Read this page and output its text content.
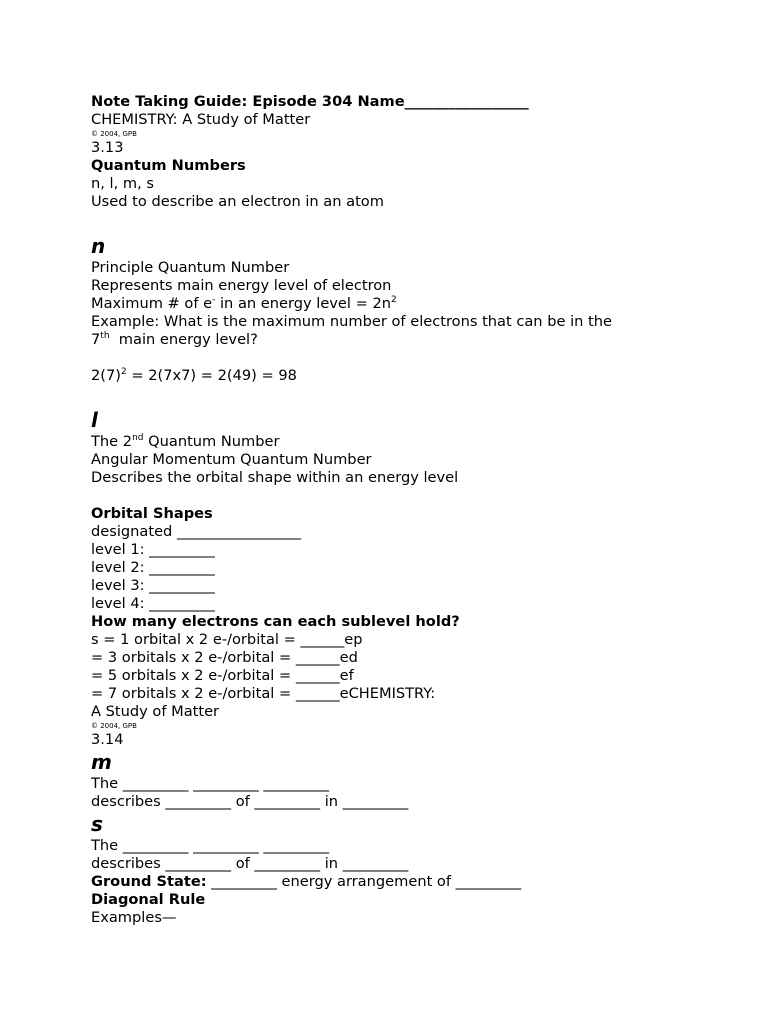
Note Taking Guide: Episode 304 Name_________________
CHEMISTRY: A Study of Matter
© 2004, GPB
3.13
Quantum Numbers
n, l, m, s
Used to describe an electron in an atom
n
Principle Quantum Number
Represents main energy level of electron
Maximum # of e- in an energy level = $2n^2$
Example: What is the maximum number of electrons that can be in the
7th  main energy level?
$2(7)^2 = 2(7x7) = 2(49) = 98$
l
The 2nd Quantum Number
Angular Momentum Quantum Number
Describes the orbital shape within an energy level
Orbital Shapes
designated _________________
level 1: _________
level 2: _________
level 3: _________
level 4: _________
How many electrons can each sublevel hold?
s = 1 orbital x 2 e-/orbital = ______ep
= 3 orbitals x 2 e-/orbital = ______ed
= 5 orbitals x 2 e-/orbital = ______ef
= 7 orbitals x 2 e-/orbital = ______eCHEMISTRY:
A Study of Matter
© 2004, GPB
3.14
m
The _________ _________ _________
describes _________ of _________ in _________
s
The _________ _________ _________
describes _________ of _________ in _________
Ground State: _________ energy arrangement of _________
Diagonal Rule
Examples—
